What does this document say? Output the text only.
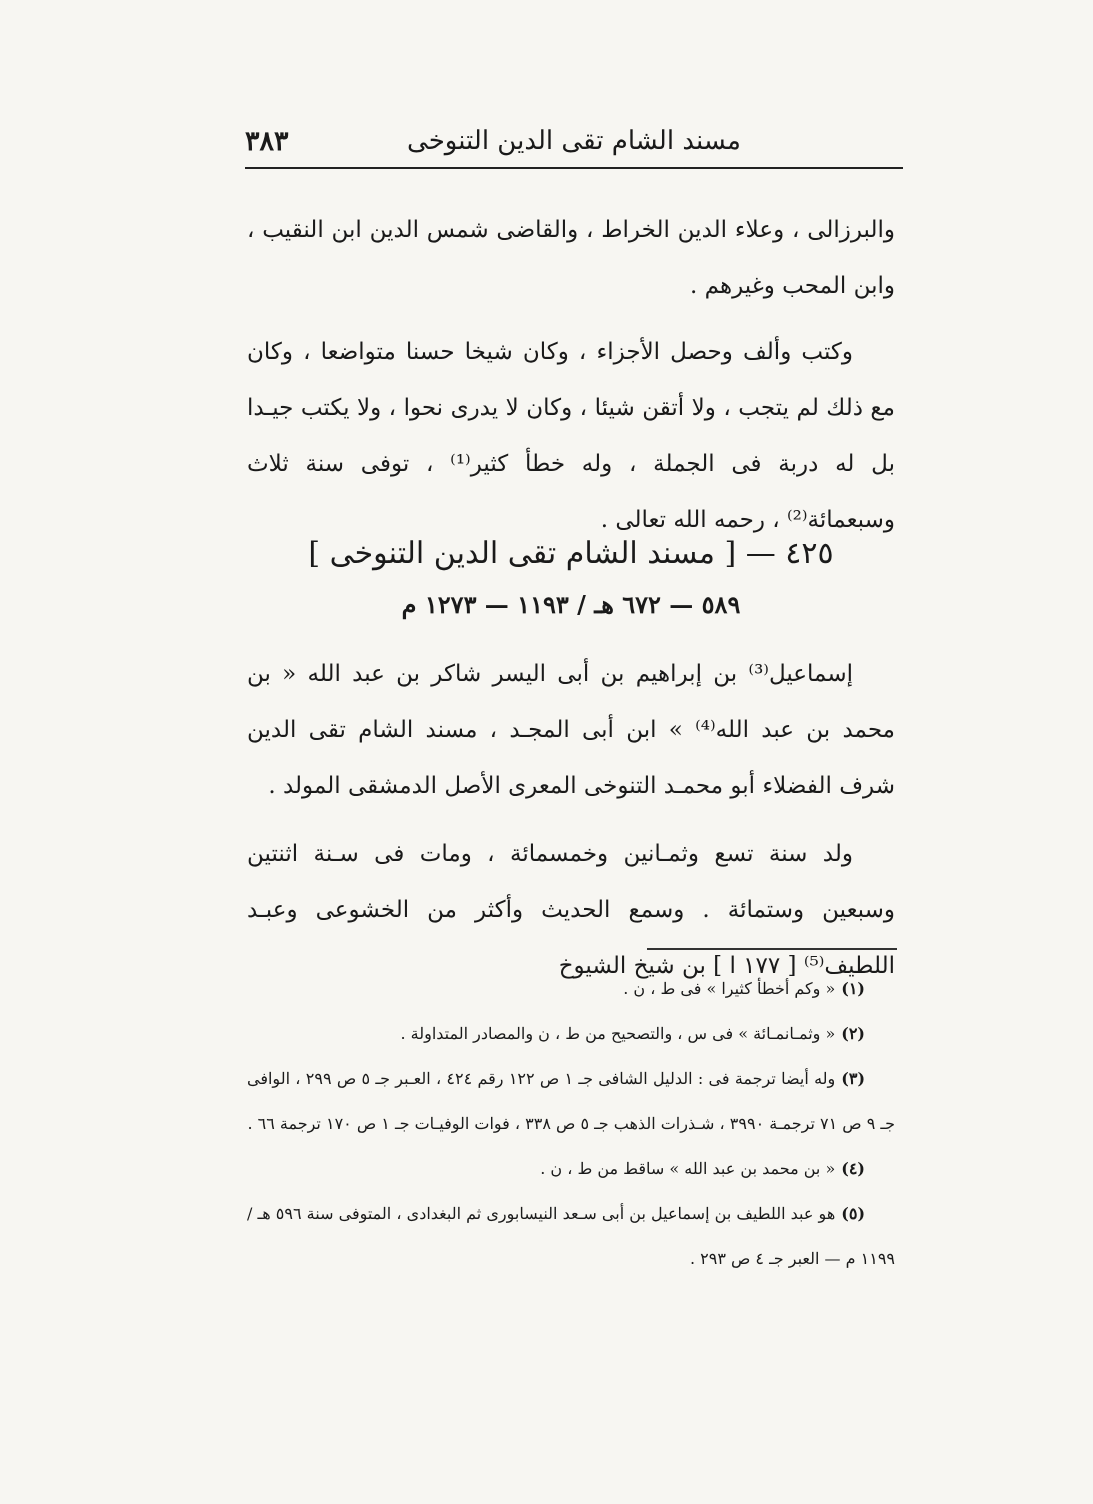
٣٨٣	مسند الشام تقى الدين التنوخى

والبرزالى ، وعلاء الدين الخراط ، والقاضى شمس الدين ابن النقيب ، وابن المحب وغيرهم .

وكتب وألف وحصل الأجزاء ، وكان شيخا حسنا متواضعا ، وكان مع ذلك لم يتجب ، ولا أتقن شيئا ، وكان لا يدرى نحوا ، ولا يكتب جيـدا بل له دربة فى الجملة ، وله خطأ كثير⁽¹⁾ ، توفى سنة ثلاث وسبعمائة⁽²⁾ ، رحمه الله تعالى .

٤٢٥ — [ مسند الشام تقى الدين التنوخى ]
٥٨٩ — ٦٧٢ هـ / ١١٩٣ — ١٢٧٣ م

إسماعيل⁽³⁾ بن إبراهيم بن أبى اليسر شاكر بن عبد الله « بن محمد بن عبد الله⁽⁴⁾ » ابن أبى المجـد ، مسند الشام تقى الدين شرف الفضلاء أبو محمـد التنوخى المعرى الأصل الدمشقى المولد .

ولد سنة تسع وثمـانين وخمسمائة ، ومات فى سـنة اثنتين وسبعين وستمائة . وسمع الحديث وأكثر من الخشوعى وعبـد اللطيف⁽⁵⁾ [ ١٧٧ ا ] بن شيخ الشيوخ

(١)« وكم أخطأ كثيرا » فى ط ، ن .

(٢)« وثمـانمـائة » فى س ، والتصحيح من ط ، ن والمصادر المتداولة .

(٣)وله أيضا ترجمة فى : الدليل الشافى جـ ١ ص ١٢٢ رقم ٤٢٤ ، العـبر جـ ٥ ص ٢٩٩ ، الوافى جـ ٩ ص ٧١ ترجمـة ٣٩٩٠ ، شـذرات الذهب جـ ٥ ص ٣٣٨ ، فوات الوفيـات جـ ١ ص ١٧٠ ترجمة ٦٦ .

(٤)« بن محمد بن عبد الله » ساقط من ط ، ن .

(٥)هو عبد اللطيف بن إسماعيل بن أبى سـعد النيسابورى ثم البغدادى ، المتوفى سنة ٥٩٦ هـ / ١١٩٩ م — العبر جـ ٤ ص ٢٩٣ .
